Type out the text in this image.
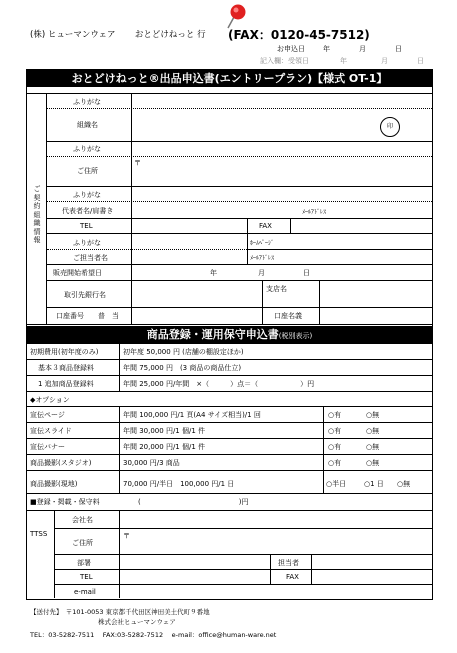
(株) ヒューマンウェア おとどけねっと 行 (FAX：0120-45-7512)
お申込日	年	月	日
記入欄：受領日	年	月	日
おとどけねっと®出品申込書(エントリープラン)【様式 OT-1】
ご契約組織情報
ふりがな
組織名	印
ふりがな
ご住所
〒
ふりがな
代表者名/肩書き	ﾒｰﾙｱﾄﾞﾚｽ
TEL	FAX
ふりがな	ﾎｰﾑﾍﾟｰｼﾞ
ご担当者名	ﾒｰﾙｱﾄﾞﾚｽ
販売開始希望日	年	月	日
取引先銀行名
支店名
口座番号 普　当	口座名義
商品登録・運用保守申込書(税別表示)
初期費用(初年度のみ)	初年度 50,000 円 (店舗の棚設定ほか)
基本３商品登録料	年間 75,000 円　(3 商品の商品仕立)
1 追加商品登録料	年間 25,000 円/年間　×（　　　）点＝（　　　　　　）円
◆オプション
宣伝ページ	年間 100,000 円/1 頁(A4 サイズ相当)/1 回	○有	○無
宣伝スライド	年間 30,000 円/1 個/1 件	○有	○無
宣伝バナー	年間 20,000 円/1 個/1 件	○有	○無
商品撮影(スタジオ)	30,000 円/3 商品	○有	○無
商品撮影(現地)	70,000 円/半日　100,000 円/1 日	○半日	○1 日 ○無
■登録・掲載・保守料	(　　　　　　　　　　　　　　)円
TTSS
会社名
ご住所
〒
部署	担当者
TEL	FAX
e-mail
【送付先】　〒101-0053 東京都千代田区神田美土代町９番地
株式会社ヒューマンウェア
TEL：03-5282-7511　 FAX:03-5282-7512　 e-mail：office@human-ware.net
